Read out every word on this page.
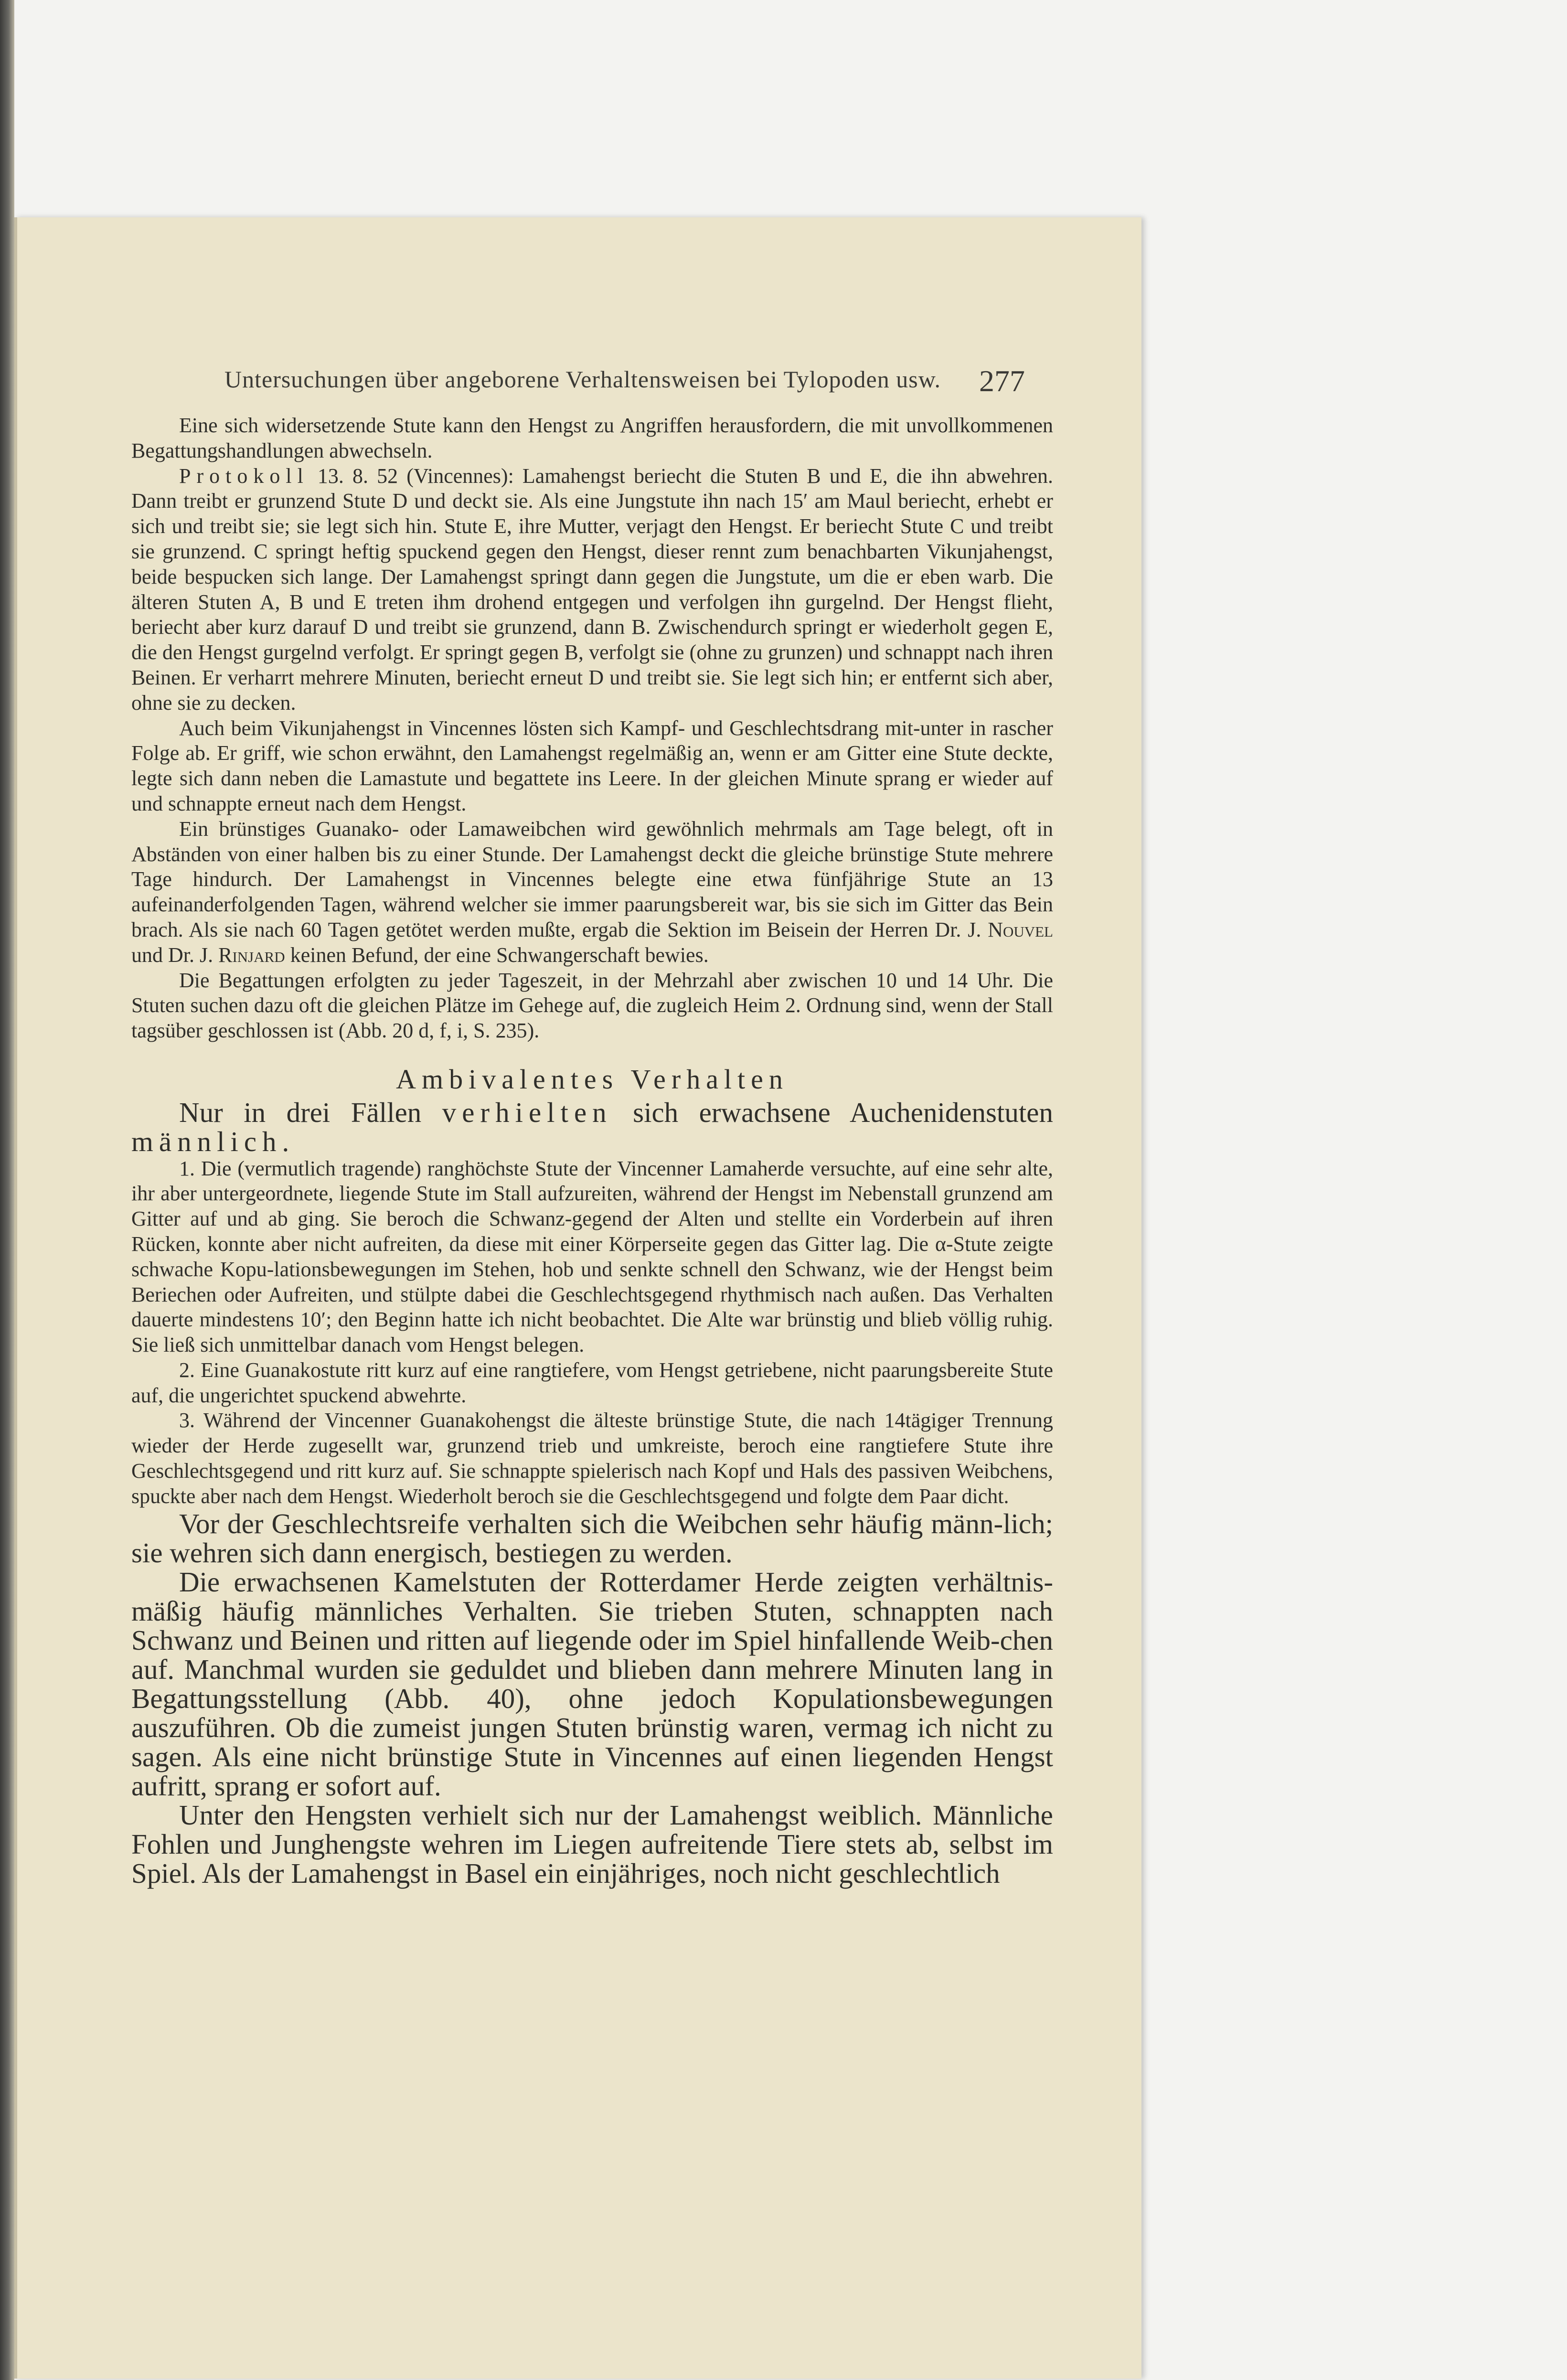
Untersuchungen über angeborene Verhaltensweisen bei Tylopoden usw.	277

Eine sich widersetzende Stute kann den Hengst zu Angriffen herausfordern, die mit unvollkommenen Begattungshandlungen abwechseln.

Protokoll 13. 8. 52 (Vincennes): Lamahengst beriecht die Stuten B und E, die ihn abwehren. Dann treibt er grunzend Stute D und deckt sie. Als eine Jungstute ihn nach 15′ am Maul beriecht, erhebt er sich und treibt sie; sie legt sich hin. Stute E, ihre Mutter, verjagt den Hengst. Er beriecht Stute C und treibt sie grunzend. C springt heftig spuckend gegen den Hengst, dieser rennt zum benachbarten Vikunjahengst, beide bespucken sich lange. Der Lamahengst springt dann gegen die Jungstute, um die er eben warb. Die älteren Stuten A, B und E treten ihm drohend entgegen und verfolgen ihn gurgelnd. Der Hengst flieht, beriecht aber kurz darauf D und treibt sie grunzend, dann B. Zwischendurch springt er wiederholt gegen E, die den Hengst gurgelnd verfolgt. Er springt gegen B, verfolgt sie (ohne zu grunzen) und schnappt nach ihren Beinen. Er verharrt mehrere Minuten, beriecht erneut D und treibt sie. Sie legt sich hin; er entfernt sich aber, ohne sie zu decken.

Auch beim Vikunjahengst in Vincennes lösten sich Kampf- und Geschlechtsdrang mit-unter in rascher Folge ab. Er griff, wie schon erwähnt, den Lamahengst regelmäßig an, wenn er am Gitter eine Stute deckte, legte sich dann neben die Lamastute und begattete ins Leere. In der gleichen Minute sprang er wieder auf und schnappte erneut nach dem Hengst.

Ein brünstiges Guanako- oder Lamaweibchen wird gewöhnlich mehrmals am Tage belegt, oft in Abständen von einer halben bis zu einer Stunde. Der Lamahengst deckt die gleiche brünstige Stute mehrere Tage hindurch. Der Lamahengst in Vincennes belegte eine etwa fünfjährige Stute an 13 aufeinanderfolgenden Tagen, während welcher sie immer paarungsbereit war, bis sie sich im Gitter das Bein brach. Als sie nach 60 Tagen getötet werden mußte, ergab die Sektion im Beisein der Herren Dr. J. Nouvel und Dr. J. Rinjard keinen Befund, der eine Schwangerschaft bewies.

Die Begattungen erfolgten zu jeder Tageszeit, in der Mehrzahl aber zwischen 10 und 14 Uhr. Die Stuten suchen dazu oft die gleichen Plätze im Gehege auf, die zugleich Heim 2. Ordnung sind, wenn der Stall tagsüber geschlossen ist (Abb. 20 d, f, i, S. 235).

Ambivalentes Verhalten

Nur in drei Fällen verhielten sich erwachsene Auchenidenstuten männlich.

1. Die (vermutlich tragende) ranghöchste Stute der Vincenner Lamaherde versuchte, auf eine sehr alte, ihr aber untergeordnete, liegende Stute im Stall aufzureiten, während der Hengst im Nebenstall grunzend am Gitter auf und ab ging. Sie beroch die Schwanz-gegend der Alten und stellte ein Vorderbein auf ihren Rücken, konnte aber nicht aufreiten, da diese mit einer Körperseite gegen das Gitter lag. Die α-Stute zeigte schwache Kopu-lationsbewegungen im Stehen, hob und senkte schnell den Schwanz, wie der Hengst beim Beriechen oder Aufreiten, und stülpte dabei die Geschlechtsgegend rhythmisch nach außen. Das Verhalten dauerte mindestens 10′; den Beginn hatte ich nicht beobachtet. Die Alte war brünstig und blieb völlig ruhig. Sie ließ sich unmittelbar danach vom Hengst belegen.

2. Eine Guanakostute ritt kurz auf eine rangtiefere, vom Hengst getriebene, nicht paarungsbereite Stute auf, die ungerichtet spuckend abwehrte.

3. Während der Vincenner Guanakohengst die älteste brünstige Stute, die nach 14tägiger Trennung wieder der Herde zugesellt war, grunzend trieb und umkreiste, beroch eine rangtiefere Stute ihre Geschlechtsgegend und ritt kurz auf. Sie schnappte spielerisch nach Kopf und Hals des passiven Weibchens, spuckte aber nach dem Hengst. Wiederholt beroch sie die Geschlechtsgegend und folgte dem Paar dicht.

Vor der Geschlechtsreife verhalten sich die Weibchen sehr häufig männ-lich; sie wehren sich dann energisch, bestiegen zu werden.

Die erwachsenen Kamelstuten der Rotterdamer Herde zeigten verhältnis-mäßig häufig männliches Verhalten. Sie trieben Stuten, schnappten nach Schwanz und Beinen und ritten auf liegende oder im Spiel hinfallende Weib-chen auf. Manchmal wurden sie geduldet und blieben dann mehrere Minuten lang in Begattungsstellung (Abb. 40), ohne jedoch Kopulationsbewegungen auszuführen. Ob die zumeist jungen Stuten brünstig waren, vermag ich nicht zu sagen. Als eine nicht brünstige Stute in Vincennes auf einen liegenden Hengst aufritt, sprang er sofort auf.

Unter den Hengsten verhielt sich nur der Lamahengst weiblich. Männliche Fohlen und Junghengste wehren im Liegen aufreitende Tiere stets ab, selbst im Spiel. Als der Lamahengst in Basel ein einjähriges, noch nicht geschlechtlich
